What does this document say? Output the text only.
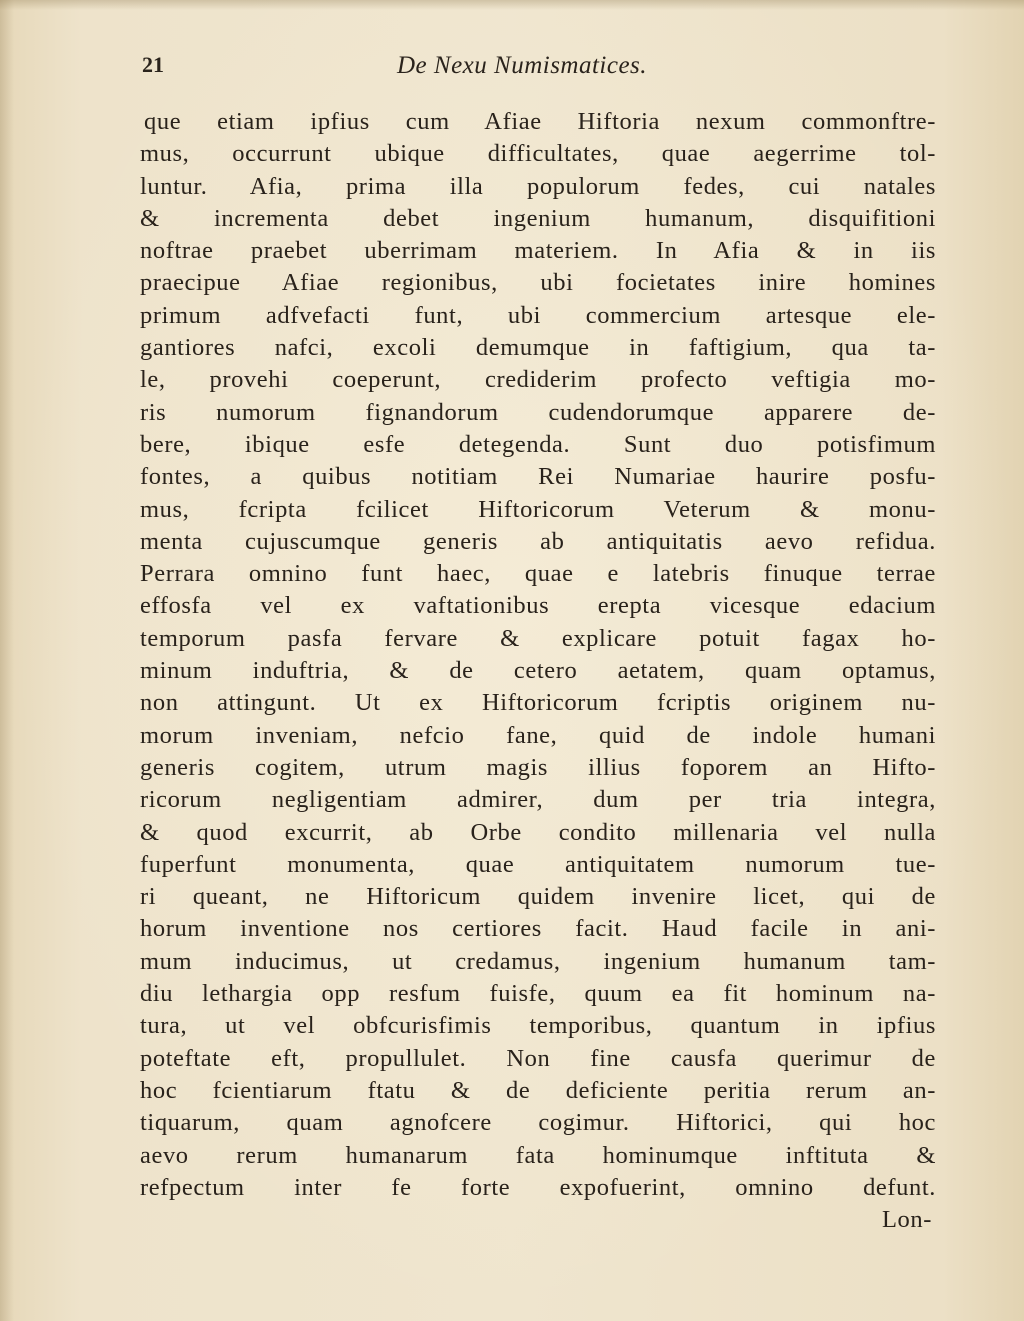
21	De Nexu Numismatices.
que etiam ipfius cum Afiae Hiftoria nexum commonftre-
mus, occurrunt ubique difficultates, quae aegerrime tol-
luntur. Afia, prima illa populorum fedes, cui natales
& incrementa debet ingenium humanum, disquifitioni
noftrae praebet uberrimam materiem. In Afia & in iis
praecipue Afiae regionibus, ubi focietates inire homines
primum adfvefacti funt, ubi commercium artesque ele-
gantiores nafci, excoli demumque in faftigium, qua ta-
le, provehi coeperunt, crediderim profecto veftigia mo-
ris numorum fignandorum cudendorumque apparere de-
bere, ibique esfe detegenda. Sunt duo potisfimum
fontes, a quibus notitiam Rei Numariae haurire posfu-
mus, fcripta fcilicet Hiftoricorum Veterum & monu-
menta cujuscumque generis ab antiquitatis aevo refidua.
Perrara omnino funt haec, quae e latebris finuque terrae
effosfa vel ex vaftationibus erepta vicesque edacium
temporum pasfa fervare & explicare potuit fagax ho-
minum induftria, & de cetero aetatem, quam optamus,
non attingunt. Ut ex Hiftoricorum fcriptis originem nu-
morum inveniam, nefcio fane, quid de indole humani
generis cogitem, utrum magis illius foporem an Hifto-
ricorum negligentiam admirer, dum per tria integra,
& quod excurrit, ab Orbe condito millenaria vel nulla
fuperfunt monumenta, quae antiquitatem numorum tue-
ri queant, ne Hiftoricum quidem invenire licet, qui de
horum inventione nos certiores facit. Haud facile in ani-
mum inducimus, ut credamus, ingenium humanum tam-
diu lethargia opp resfum fuisfe, quum ea fit hominum na-
tura, ut vel obfcurisfimis temporibus, quantum in ipfius
poteftate eft, propullulet. Non fine causfa querimur de
hoc fcientiarum ftatu & de deficiente peritia rerum an-
tiquarum, quam agnofcere cogimur. Hiftorici, qui hoc
aevo rerum humanarum fata hominumque inftituta &
refpectum inter fe forte expofuerint, omnino defunt.
Lon-
